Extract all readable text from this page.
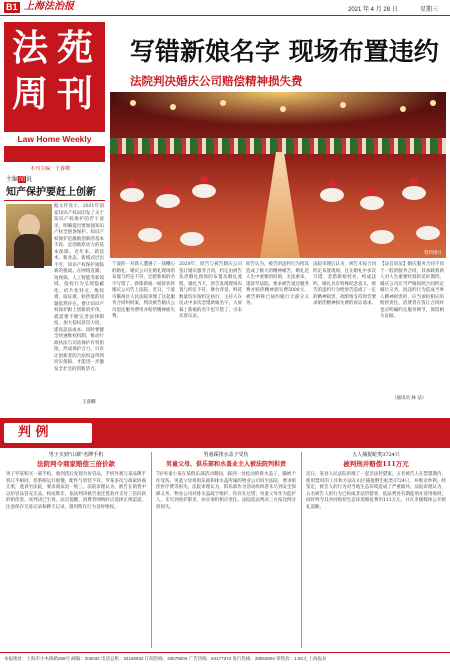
B1 上海法治报	2021 年 4 月 28 日	星期三
法 苑
周 刊
Law Home Weekly
本刊主编：王睿卿
主编闻说
知产保护要赶上创新
据文件显示，2021年国家知识产权局印发了关于知识产权保护的若干意见，明确提出要加强知识产权全链条保护。知识产权保护是激励创新的基本手段，是创新原动力的基本保障。近年来，新技术、新业态、新模式层出不穷，知识产权保护面临新的挑战。在网络直播、短视频、人工智能等新领域，侵权行为呈现隐蔽化、碎片化特点，维权难、取证难、赔偿低的问题依然存在。要让知识产权保护跟上创新的步伐，就需要不断完善法律制度，加大侵权惩罚力度，提高违法成本。同时要健全快速维权机制，推动行政执法与司法保护有机衔接，形成保护合力。只有让创新者的合法权益得到切实保障，才能进一步激发全社会的创新活力。
王睿卿
写错新娘名字 现场布置违约
法院判决婚庆公司赔偿精神损失费
资料图片
宁波的一对新人遭遇了一场糟心的婚礼：婚庆公司在婚礼现场的布置与约定不符，还把新娘的名字写错了。新郎新娘一纸诉状将婚庆公司告上法院。近日，宁波市鄞州区人民法院审理了这起服务合同纠纷案，判决被告婚庆公司退还服务费用并赔偿精神损失费。
2020年，原告与被告婚庆公司签订婚庆服务合同，约定由被告负责婚礼现场的布置及婚礼流程。婚礼当天，原告发现现场布置与约定不符，舞台背景、鲜花数量均未按约定执行，主持人在仪式中多次念错新娘名字，大屏幕上新娘的名字也写错了，引来宾客议论。
原告认为，被告的违约行为给其造成了极大的精神痛苦，婚礼是人生中重要的时刻，无法重来，遂诉至法院，要求被告退还服务费并赔偿精神损失费5000元。被告辩称已按约履行大部分义务。
法院审理后认为，被告未按合同约定布置现场，且在婚礼中多次写错、念错新娘姓名，构成违约。婚礼具有特殊纪念意义，被告的违约行为给原告造成了一定的精神损害，故酌情支持原告要求赔偿精神损失费的诉讼请求。
【法官说法】婚庆服务合同不同于一般的服务合同，其承载着新人对人生重要时刻的美好期待。婚庆公司应当严格按照合同约定履行义务，因违约行为造成当事人精神损害的，应当承担相应的赔偿责任。消费者在签订合同时也应明确约定服务细节，保留相关证据。
（通讯员 林 洁）
判 例
男子买到"山寨"名牌手机
法院判令商家赔偿三倍价款
男子罗某购买一部手机，收到货后发现为仿冒品，手机外观与某品牌手机几乎相同，但系统运行缓慢，配件与原装不符。罗某多次与商家协商无果，遂诉至法院，要求商家退一赔三。法院审理认为，被告在销售中以仿冒品冒充正品，构成欺诈，依法判决被告退还货款并支付三倍价款的赔偿金。该判决已生效。法官提醒，消费者网购时应选择正规渠道，注意保存交易记录和聊天记录，遇到欺诈行为及时维权。
男童踩排水盖子受伤
男童父母、俱乐部和水盖业主人被法院判担责
7岁男童小某在某俱乐部活动期间，踩到一处松动的排水盖子，脚被卡住受伤。男童父母将俱乐部和排水盖所属的物业公司诉至法院，要求赔偿医疗费等损失。法院审理认为，俱乐部作为活动组织者未尽到安全保障义务，物业公司对排水盖疏于维护，均存在过错；男童父母作为监护人，未尽到看护职责，亦应承担相应责任。法院依法判决三方按比例分担损失。
五人捕捉蛇类3724只
被判刑并赔偿111万元
近日，某县人民法院审理了一起非法狩猎案。五名被告人在禁猎期内，使用禁用的工具和方法在山区捕捉野生蛇类3724只，并贩卖牟利。经鉴定，被告人的行为对当地生态环境造成了严重破坏。法院审理认为，五名被告人的行为已构成非法狩猎罪，依法判处有期徒刑并适用缓刑，同时判令其共同赔偿生态环境修复费用111万元，并在市级媒体公开赔礼道歉。
本报地址：上海市小木桥路268号 邮编：200032 电话总机：34160932 订阅热线：33575000 广告热线：64177374 发行热线：28853803 零售价：1.50元 上海报业
